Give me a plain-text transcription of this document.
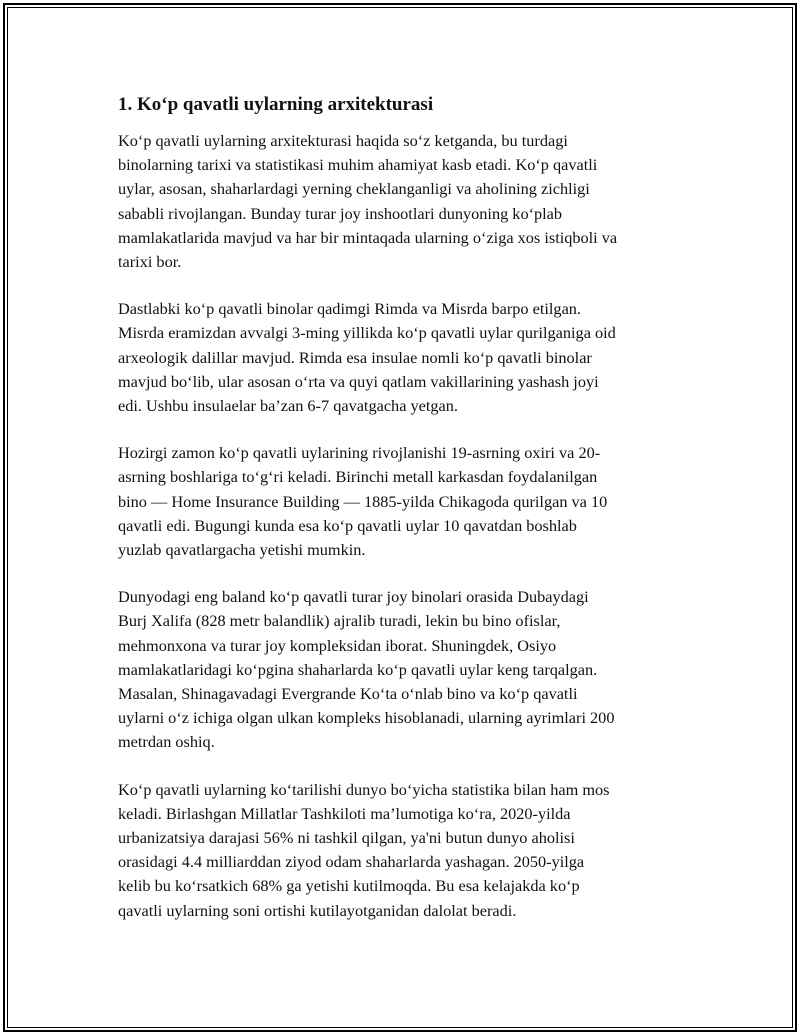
1. Ko‘p qavatli uylarning arxitekturasi

Ko‘p qavatli uylarning arxitekturasi haqida so‘z ketganda, bu turdagi
binolarning tarixi va statistikasi muhim ahamiyat kasb etadi. Ko‘p qavatli
uylar, asosan, shaharlardagi yerning cheklanganligi va aholining zichligi
sababli rivojlangan. Bunday turar joy inshootlari dunyoning ko‘plab
mamlakatlarida mavjud va har bir mintaqada ularning o‘ziga xos istiqboli va
tarixi bor.

Dastlabki ko‘p qavatli binolar qadimgi Rimda va Misrda barpo etilgan.
Misrda eramizdan avvalgi 3-ming yillikda ko‘p qavatli uylar qurilganiga oid
arxeologik dalillar mavjud. Rimda esa insulae nomli ko‘p qavatli binolar
mavjud bo‘lib, ular asosan o‘rta va quyi qatlam vakillarining yashash joyi
edi. Ushbu insulaelar ba’zan 6-7 qavatgacha yetgan.

Hozirgi zamon ko‘p qavatli uylarining rivojlanishi 19-asrning oxiri va 20-
asrning boshlariga to‘g‘ri keladi. Birinchi metall karkasdan foydalanilgan
bino — Home Insurance Building — 1885-yilda Chikagoda qurilgan va 10
qavatli edi. Bugungi kunda esa ko‘p qavatli uylar 10 qavatdan boshlab
yuzlab qavatlargacha yetishi mumkin.

Dunyodagi eng baland ko‘p qavatli turar joy binolari orasida Dubaydagi
Burj Xalifa (828 metr balandlik) ajralib turadi, lekin bu bino ofislar,
mehmonxona va turar joy kompleksidan iborat. Shuningdek, Osiyo
mamlakatlaridagi ko‘pgina shaharlarda ko‘p qavatli uylar keng tarqalgan.
Masalan, Shinagavadagi Evergrande Ko‘ta o‘nlab bino va ko‘p qavatli
uylarni o‘z ichiga olgan ulkan kompleks hisoblanadi, ularning ayrimlari 200
metrdan oshiq.

Ko‘p qavatli uylarning ko‘tarilishi dunyo bo‘yicha statistika bilan ham mos
keladi. Birlashgan Millatlar Tashkiloti ma’lumotiga ko‘ra, 2020-yilda
urbanizatsiya darajasi 56% ni tashkil qilgan, ya'ni butun dunyo aholisi
orasidagi 4.4 milliarddan ziyod odam shaharlarda yashagan. 2050-yilga
kelib bu ko‘rsatkich 68% ga yetishi kutilmoqda. Bu esa kelajakda ko‘p
qavatli uylarning soni ortishi kutilayotganidan dalolat beradi.
